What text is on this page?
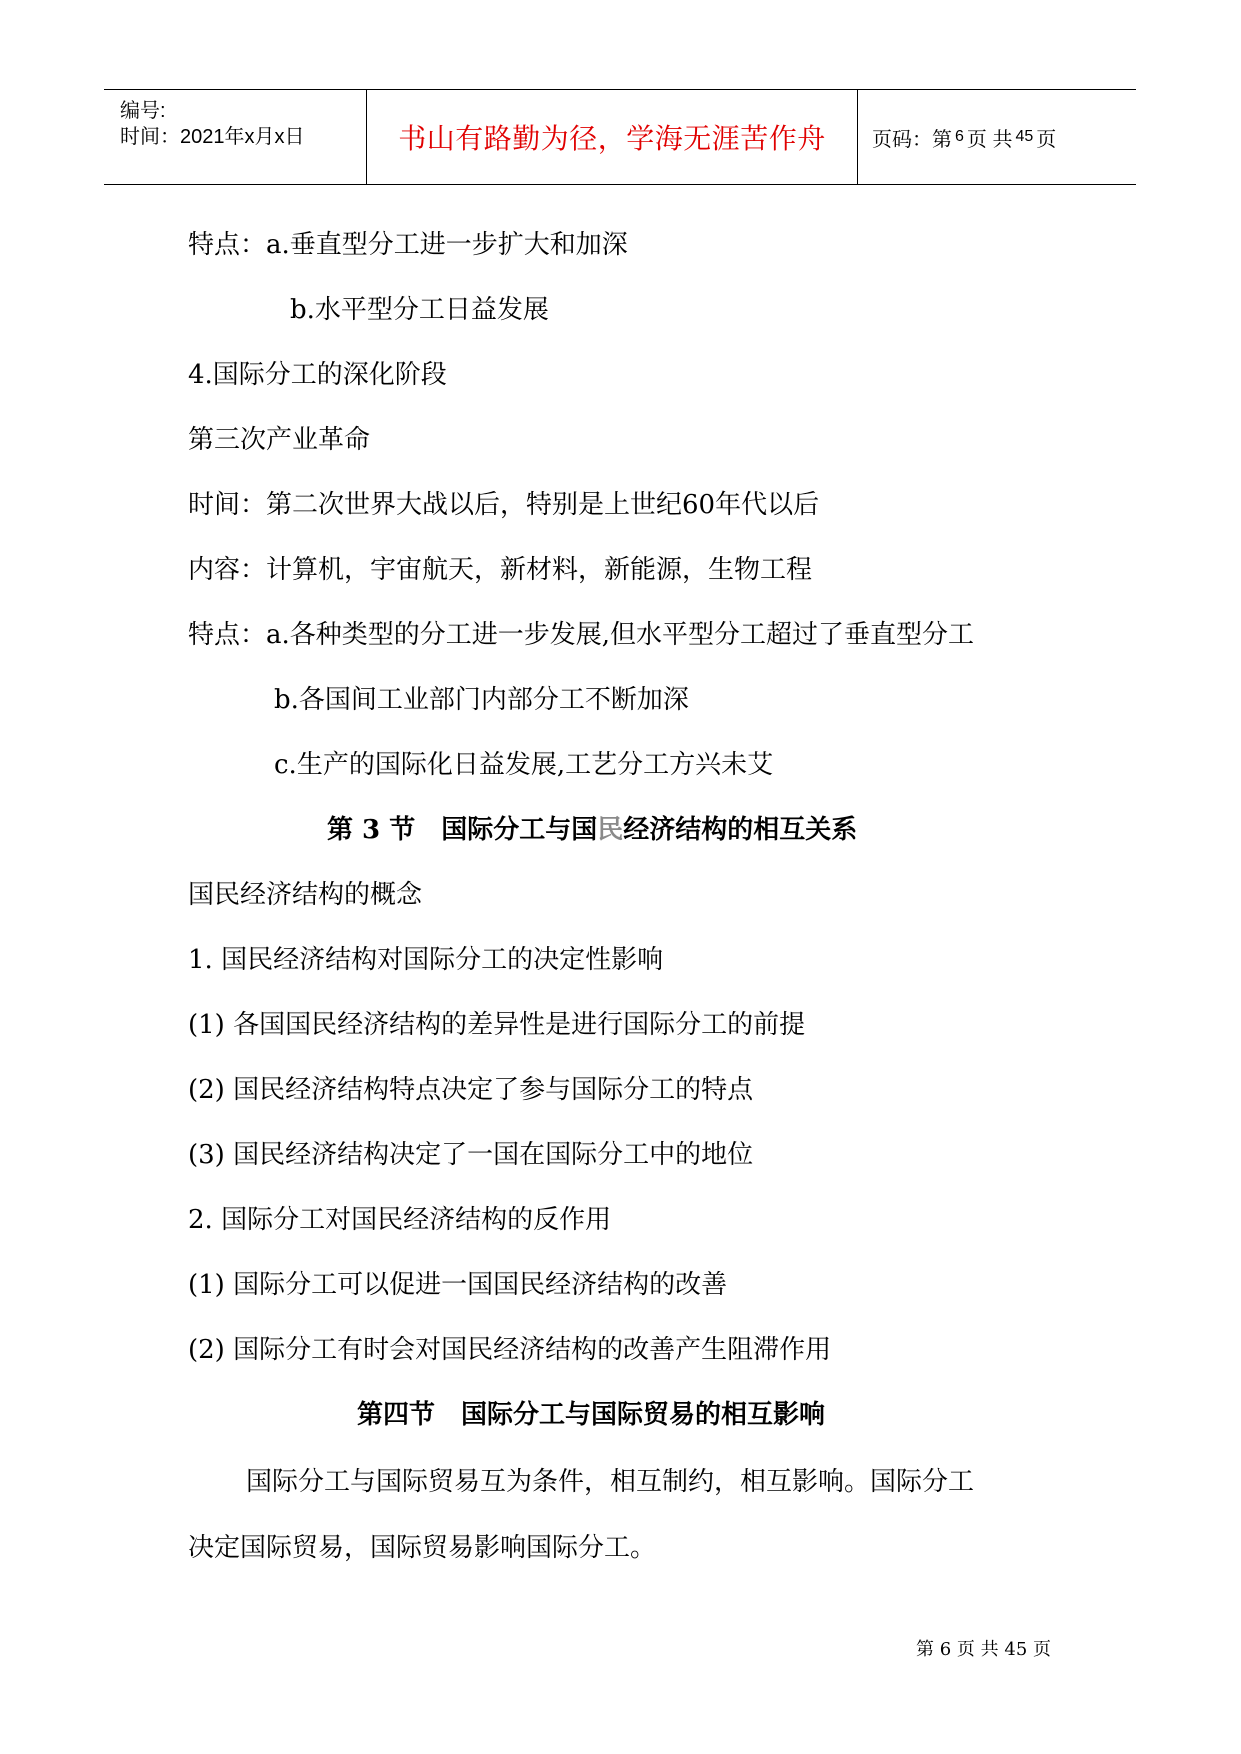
编号:
时间：2021年x月x日	书山有路勤为径，学海无涯苦作舟 页码：第 6 页 共 45 页
特点：a.垂直型分工进一步扩大和加深
b.水平型分工日益发展
4.国际分工的深化阶段
第三次产业革命
时间：第二次世界大战以后，特别是上世纪60年代以后
内容：计算机，宇宙航天，新材料，新能源，生物工程
特点：a.各种类型的分工进一步发展,但水平型分工超过了垂直型分工
b.各国间工业部门内部分工不断加深
c.生产的国际化日益发展,工艺分工方兴未艾
第 3 节　国际分工与国民经济结构的相互关系
国民经济结构的概念
1. 国民经济结构对国际分工的决定性影响
(1) 各国国民经济结构的差异性是进行国际分工的前提
(2) 国民经济结构特点决定了参与国际分工的特点
(3) 国民经济结构决定了一国在国际分工中的地位
2. 国际分工对国民经济结构的反作用
(1) 国际分工可以促进一国国民经济结构的改善
(2) 国际分工有时会对国民经济结构的改善产生阻滞作用
第四节　国际分工与国际贸易的相互影响
国际分工与国际贸易互为条件，相互制约，相互影响。国际分工
决定国际贸易，国际贸易影响国际分工。
第 6 页 共 45 页
